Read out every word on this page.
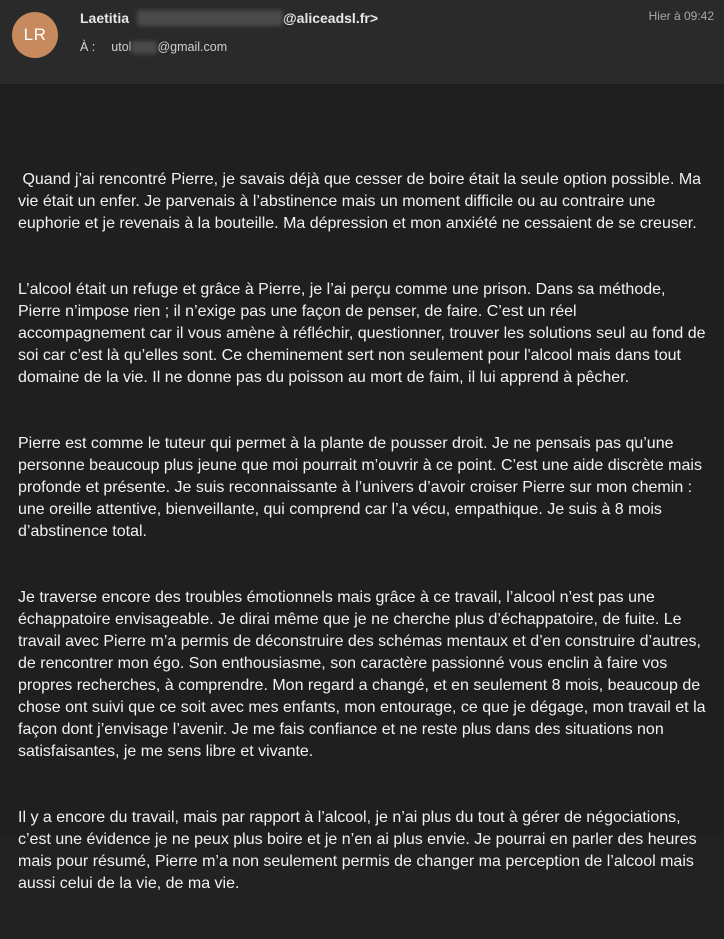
LR
Laetitia	@aliceadsl.fr>
À : utol @gmail.com
Hier à 09:42

Quand j’ai rencontré Pierre, je savais déjà que cesser de boire était la seule option possible. Ma vie était un enfer. Je parvenais à l’abstinence mais un moment difficile ou au contraire une euphorie et je revenais à la bouteille. Ma dépression et mon anxiété ne cessaient de se creuser.

L’alcool était un refuge et grâce à Pierre, je l’ai perçu comme une prison. Dans sa méthode, Pierre n’impose rien ; il n’exige pas une façon de penser, de faire. C’est un réel accompagnement car il vous amène à réfléchir, questionner, trouver les solutions seul au fond de soi car c’est là qu’elles sont. Ce cheminement sert non seulement pour l'alcool mais dans tout domaine de la vie. Il ne donne pas du poisson au mort de faim, il lui apprend à pêcher.

Pierre est comme le tuteur qui permet à la plante de pousser droit. Je ne pensais pas qu’une personne beaucoup plus jeune que moi pourrait m’ouvrir à ce point. C’est une aide discrète mais profonde et présente. Je suis reconnaissante à l’univers d’avoir croiser Pierre sur mon chemin : une oreille attentive, bienveillante, qui comprend car l’a vécu, empathique. Je suis à 8 mois d’abstinence total.

Je traverse encore des troubles émotionnels mais grâce à ce travail, l’alcool n’est pas une échappatoire envisageable. Je dirai même que je ne cherche plus d’échappatoire, de fuite. Le travail avec Pierre m’a permis de déconstruire des schémas mentaux et d’en construire d’autres, de rencontrer mon égo. Son enthousiasme, son caractère passionné vous enclin à faire vos propres recherches, à comprendre. Mon regard a changé, et en seulement 8 mois, beaucoup de chose ont suivi que ce soit avec mes enfants, mon entourage, ce que je dégage, mon travail et la façon dont j’envisage l’avenir. Je me fais confiance et ne reste plus dans des situations non satisfaisantes, je me sens libre et vivante.

Il y a encore du travail, mais par rapport à l’alcool, je n’ai plus du tout à gérer de négociations, c’est une évidence je ne peux plus boire et je n’en ai plus envie. Je pourrai en parler des heures mais pour résumé, Pierre m’a non seulement permis de changer ma perception de l’alcool mais aussi celui de la vie, de ma vie.
